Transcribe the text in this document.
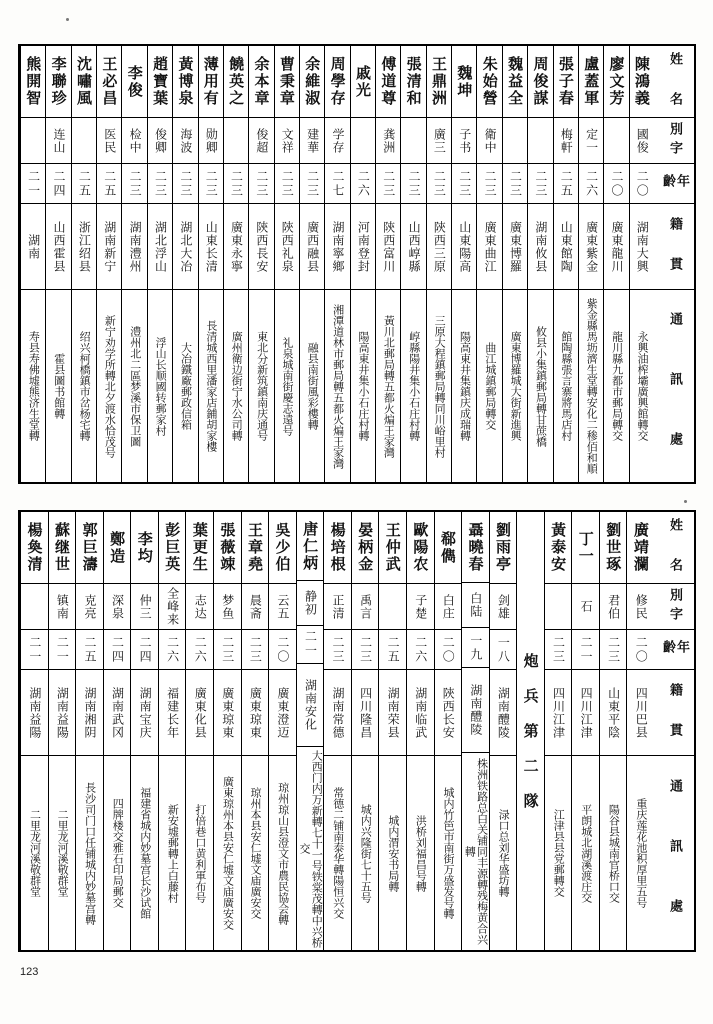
姓 名
別字
年齡
籍 貫
通 訊 處
陳鴻義
國俊
二〇
湖南大興
永興油榨壩廣興館轉交
廖文芳
二〇
廣東龍川
龍川縣九都市郵局轉交
盧蓋軍
定一
二六
廣東紫金
紫金縣馬坜濟生堂轉安化二䅟佰和順
張子春
梅軒
二五
山東館陶
館陶縣張言寨將馬店村
周俊謀
二三
湖南攸县
攸县小集鎮郵局轉甘蔗橋
魏益全
二三
廣東博羅
廣東博羅城大街新進興
朱始營
衛中
二三
廣東曲江
曲江城鎮郵局轉交
魏坤
子书
二三
山東陽高
陽高東井集鎮庆成瑞轉
王鼎洲
廣三
二三
陝西三原
三原大程鎮郵局轉同川峪里村
張清和
二三
山西崞縣
崞縣陽井集小石庄村轉
傅道尊
龚洲
二三
陝西富川
黃川北郵局轉五都火煸王家灣
戚光
二六
河南登封
陽高東井集小石庄村轉
周學存
学存
二七
湖南寧鄉
湘潭道林市郵局轉五都火煸王家灣
余維淑
建華
二三
廣西融县
融县南街風彩樓轉
曹秉章
文祥
二三
陝西礼泉
礼泉城南街慶志遠号
余本章
俊超
二三
陝西長安
東北分新筑鎮南庆通号
饒英之
二三
廣東永寧
廣州衛边街宁水公司轉
薄用有
勋卿
二三
山東长清
長清城西里潘家店鋪胡家樓
黃博泉
海波
二三
湖北大冶
大冶鐵廠郵政信箱
趙寶葉
俊卿
二三
湖北浮山
浮山长顺國转郵家村
李俊
检中
二三
湖南澧州
澧州北二區梦溪市保卫圖
王必昌
医民
二五
湖南新宁
新宁劝学所轉北夕渡水恰茂号
沈嘯風
二五
浙江绍县
绍兴柯橋鎮市岔杨宅轉
李聯珍
连山
二四
山西霍县
霍县圖书館轉
熊開智
二一
湖南
寿县寿佛墟熊济生堂轉
姓 名
別字
年齡
籍 貫
通 訊 處
廣靖瀾
修民
二〇
四川巴县
重庆莲花池积厚里五号
劉世琢
君伯
二三
山東平陰
陽谷县城南官桥口交
丁一
石
二一
四川江津
平朗城北湖溪渡庄交
黃泰安
二三
四川江津
江津县县党郵轉交
炮 兵 第 二 隊
劉雨亭
剑雄
一八
湖南醴陵
渌口总刘华盛坊轉
聶曉春
白陆
一九
湖南醴陵
株洲铁路总白关铺同丰源轉残梅黄合兴轉
郗儁
白庄
二〇
陝西长安
城内竹笆市南街万盛发号轉
歐陽农
子楚
二六
湖南临武
洪桥刘福昌号轉
王仲武
二五
湖南荣县
城内渭安书局轉
晏柄金
禹言
二三
四川隆昌
城内兴隆街七十五号
楊培根
正清
二三
湖南常德
常德二铺南泰华轉陽恒兴交
唐仁炳
静初
二一
湖南安化
大西门内万新轉七十一号铁棠茂轉中兴桥交
吳少伯
云五
二〇
廣東澄迈
琼州琼山县澄文市農民協会轉
王章堯
晨斋
二三
廣東琼東
琼州本县安仁墟文庙廣安交
張薇竦
梦鱼
二三
廣東琼東
廣東琼州本县安仁墟文庙廣安交
葉更生
志达
二六
廣東化县
打倍巷口黄利軍布号
彭巨英
全峰来
二六
福建长年
新安墟郵轉上白藤村
李均
仲三
二四
湖南宝庆
福建省城内妙墓宫长沙试館
鄭造
深泉
二四
湖南武冈
四牌楼交雅石印局郵交
郭巨濤
克亮
二五
湖南湘阴
長沙司门口任铺城内妙墓宫轉
蘇继世
镇南
二一
湖南益陽
二里龙河溪敬群堂
楊奐清
二一
湖南益陽
二里龙河溪敬群堂
123
